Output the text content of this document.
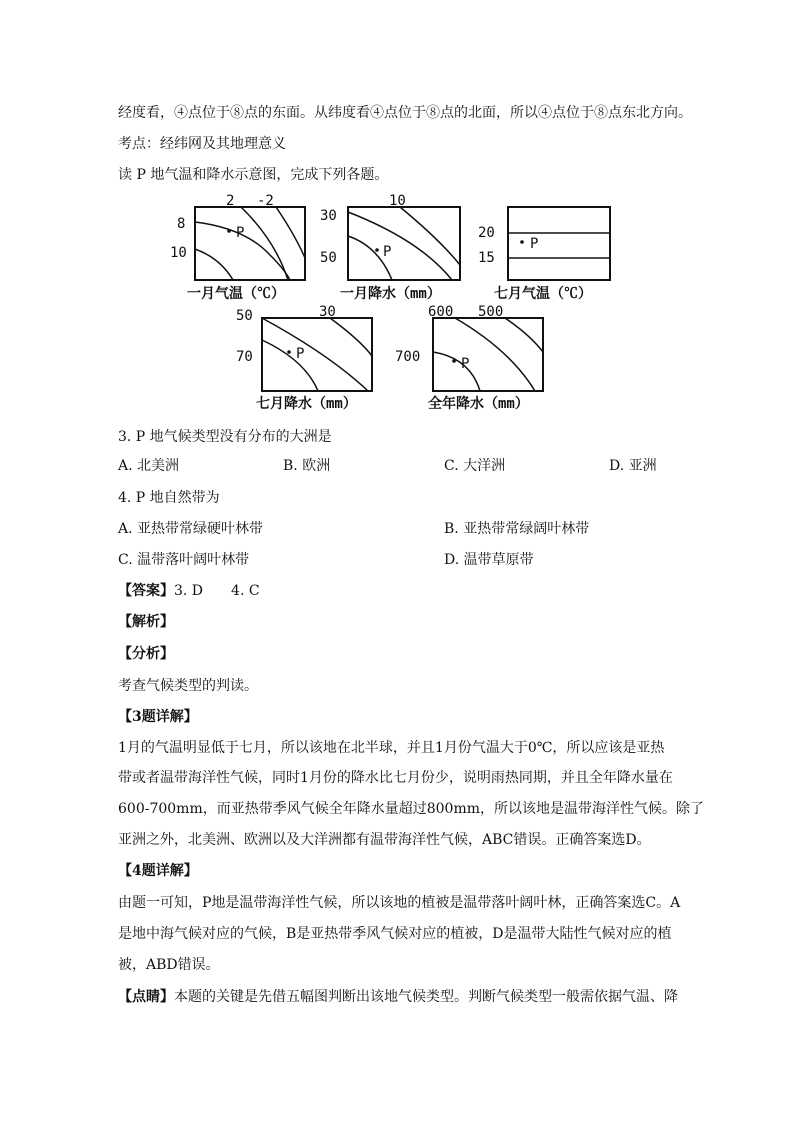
经度看，④点位于⑧点的东面。从纬度看④点位于⑧点的北面，所以④点位于⑧点东北方向。
考点：经纬网及其地理意义
读 P 地气温和降水示意图，完成下列各题。
P
2 -2
8
10
一月气温（℃）
P
10
30
50
一月降水（mm）
P
20
15
七月气温（℃）
P
30
50
70
七月降水（mm）
P
600 500
700
全年降水（mm）
3. P 地气候类型没有分布的大洲是
A. 北美洲	B. 欧洲	C. 大洋洲	D. 亚洲
4. P 地自然带为
A. 亚热带常绿硬叶林带	B. 亚热带常绿阔叶林带
C. 温带落叶阔叶林带	D. 温带草原带
【答案】3. D　　4. C
【解析】
【分析】
考查气候类型的判读。
【3题详解】
1月的气温明显低于七月，所以该地在北半球，并且1月份气温大于0℃，所以应该是亚热
带或者温带海洋性气候，同时1月份的降水比七月份少，说明雨热同期，并且全年降水量在
600-700mm，而亚热带季风气候全年降水量超过800mm，所以该地是温带海洋性气候。除了
亚洲之外，北美洲、欧洲以及大洋洲都有温带海洋性气候，ABC错误。正确答案选D。
【4题详解】
由题一可知，P地是温带海洋性气候，所以该地的植被是温带落叶阔叶林，正确答案选C。A
是地中海气候对应的气候，B是亚热带季风气候对应的植被，D是温带大陆性气候对应的植
被，ABD错误。
【点睛】本题的关键是先借五幅图判断出该地气候类型。判断气候类型一般需依据气温、降
